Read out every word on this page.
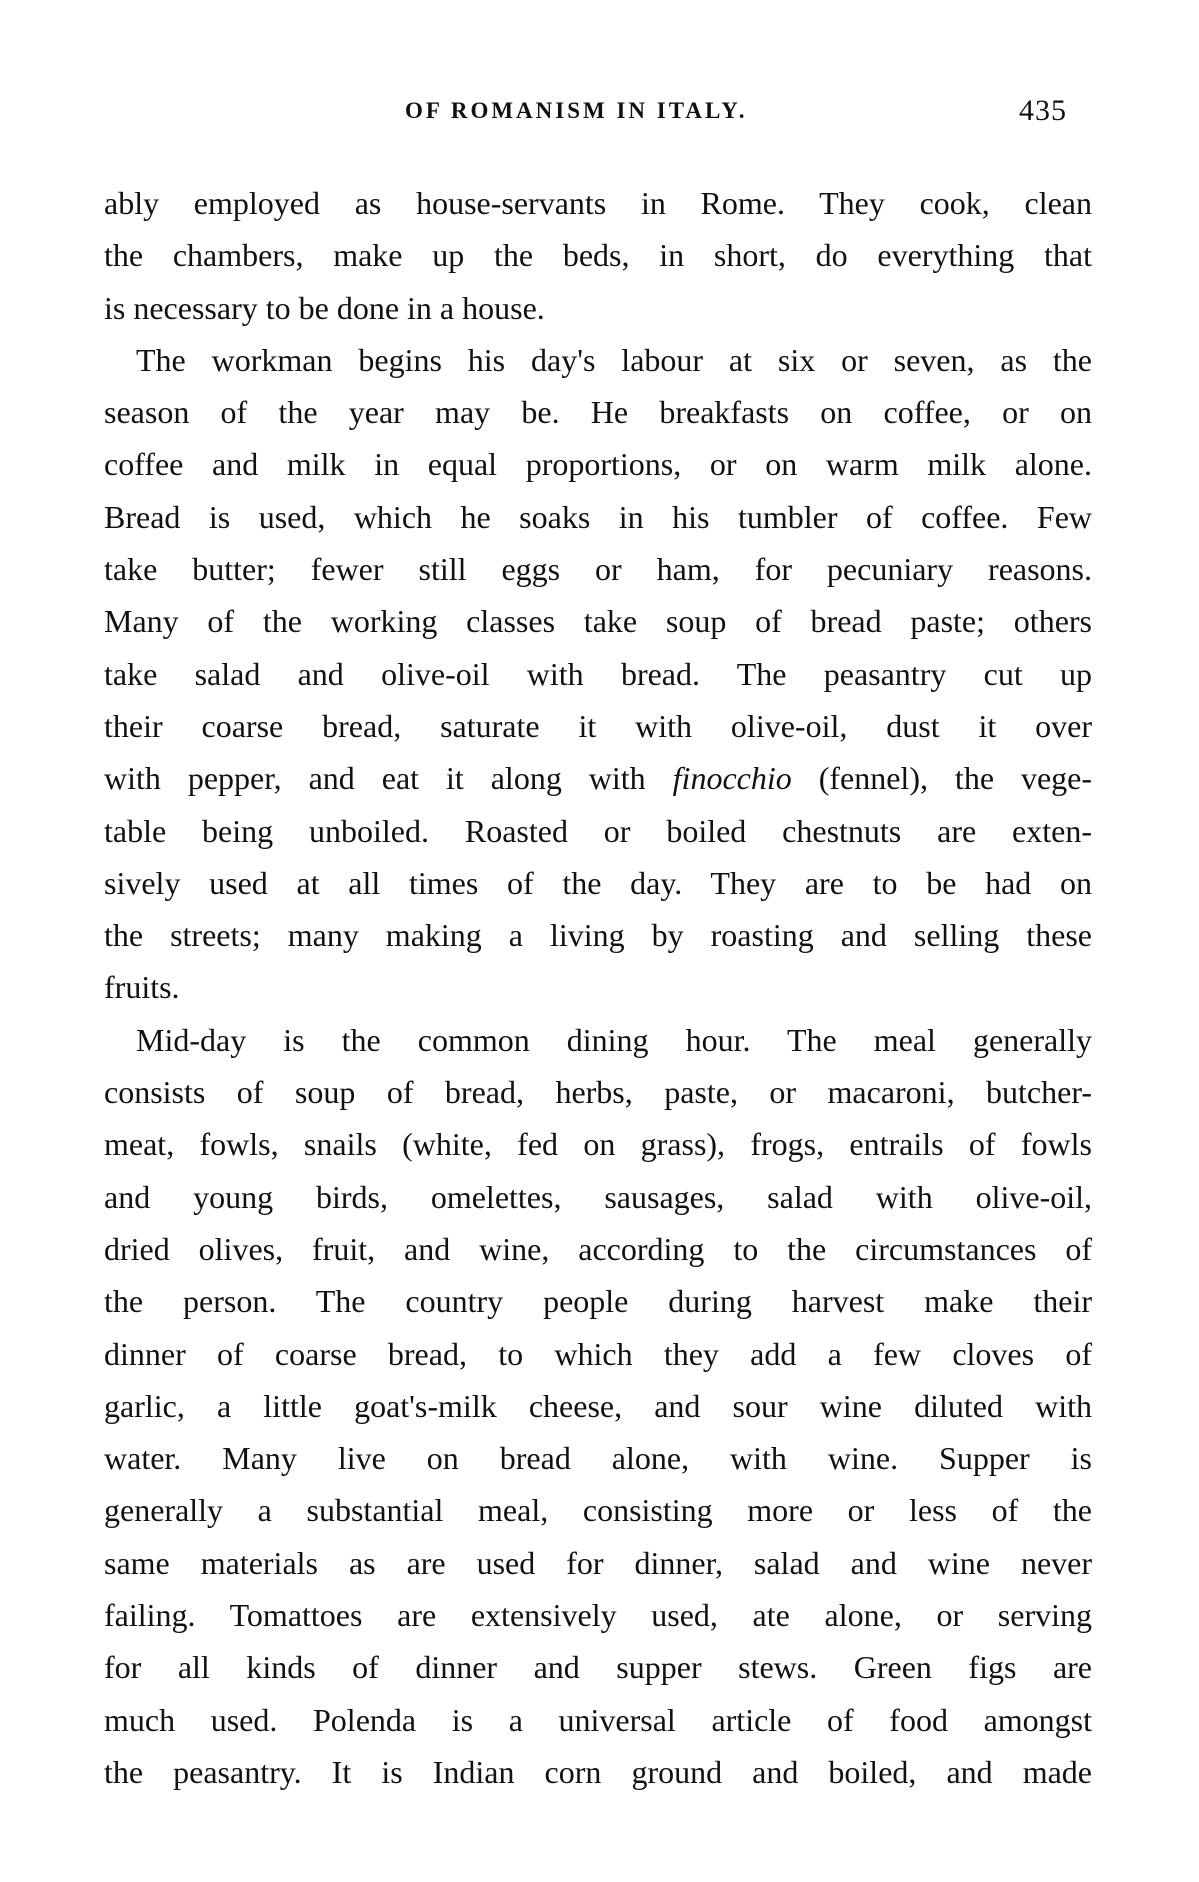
OF ROMANISM IN ITALY.	435
ably employed as house-servants in Rome. They cook, clean
the chambers, make up the beds, in short, do everything that
is necessary to be done in a house.
The workman begins his day's labour at six or seven, as the
season of the year may be. He breakfasts on coffee, or on
coffee and milk in equal proportions, or on warm milk alone.
Bread is used, which he soaks in his tumbler of coffee. Few
take butter; fewer still eggs or ham, for pecuniary reasons.
Many of the working classes take soup of bread paste; others
take salad and olive-oil with bread. The peasantry cut up
their coarse bread, saturate it with olive-oil, dust it over
with pepper, and eat it along with finocchio (fennel), the vege-
table being unboiled. Roasted or boiled chestnuts are exten-
sively used at all times of the day. They are to be had on
the streets; many making a living by roasting and selling these
fruits.
Mid-day is the common dining hour. The meal generally
consists of soup of bread, herbs, paste, or macaroni, butcher-
meat, fowls, snails (white, fed on grass), frogs, entrails of fowls
and young birds, omelettes, sausages, salad with olive-oil,
dried olives, fruit, and wine, according to the circumstances of
the person. The country people during harvest make their
dinner of coarse bread, to which they add a few cloves of
garlic, a little goat's-milk cheese, and sour wine diluted with
water. Many live on bread alone, with wine. Supper is
generally a substantial meal, consisting more or less of the
same materials as are used for dinner, salad and wine never
failing. Tomattoes are extensively used, ate alone, or serving
for all kinds of dinner and supper stews. Green figs are
much used. Polenda is a universal article of food amongst
the peasantry. It is Indian corn ground and boiled, and made
